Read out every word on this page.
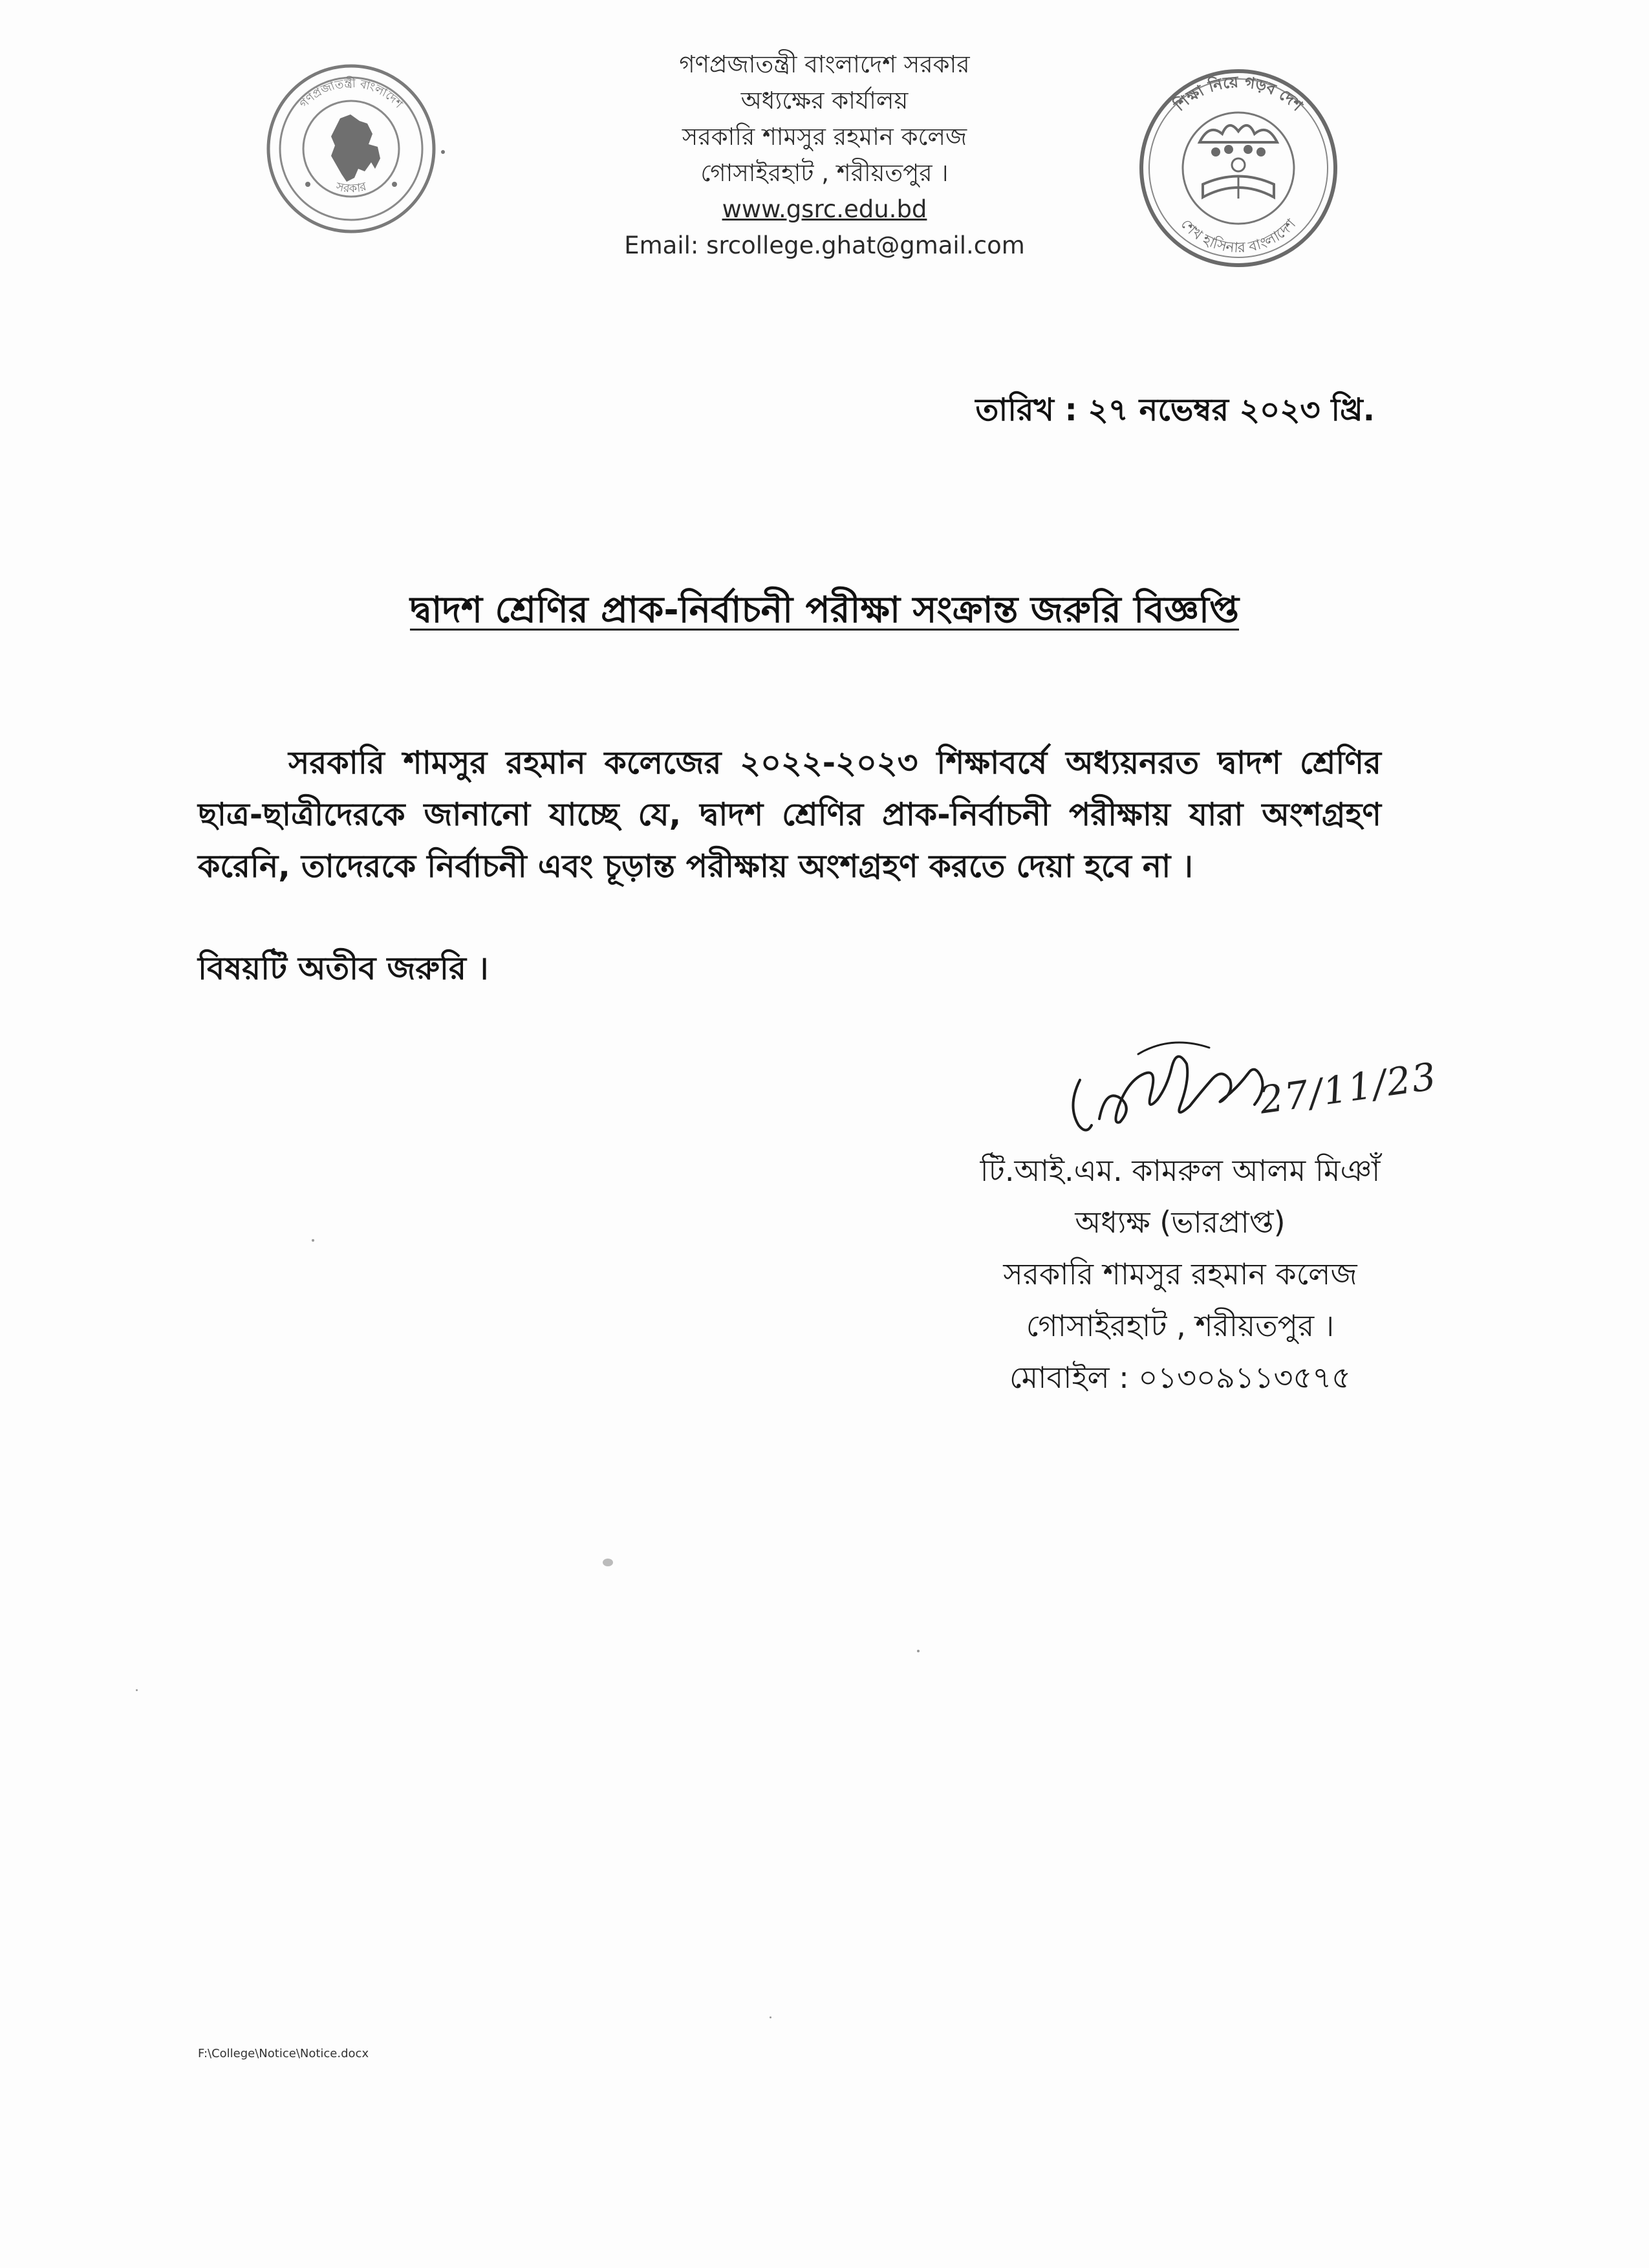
গণপ্রজাতন্ত্রী বাংলাদেশ
সরকার
গণপ্রজাতন্ত্রী বাংলাদেশ সরকার
অধ্যক্ষের কার্যালয়
সরকারি শামসুর রহমান কলেজ
গোসাইরহাট , শরীয়তপুর ।
www.gsrc.edu.bd
Email: srcollege.ghat@gmail.com
শিক্ষা নিয়ে গড়ব দেশ
শেখ হাসিনার বাংলাদেশ
তারিখ : ২৭ নভেম্বর ২০২৩ খ্রি.
দ্বাদশ শ্রেণির প্রাক-নির্বাচনী পরীক্ষা সংক্রান্ত জরুরি বিজ্ঞপ্তি
সরকারি শামসুর রহমান কলেজের ২০২২-২০২৩ শিক্ষাবর্ষে অধ্যয়নরত দ্বাদশ শ্রেণির ছাত্র-ছাত্রীদেরকে জানানো যাচ্ছে যে, দ্বাদশ শ্রেণির প্রাক-নির্বাচনী পরীক্ষায় যারা অংশগ্রহণ করেনি, তাদেরকে নির্বাচনী এবং চূড়ান্ত পরীক্ষায় অংশগ্রহণ করতে দেয়া হবে না ।
বিষয়টি অতীব জরুরি ।
27/11/23
টি.আই.এম. কামরুল আলম মিঞাঁ
অধ্যক্ষ (ভারপ্রাপ্ত)
সরকারি শামসুর রহমান কলেজ
গোসাইরহাট , শরীয়তপুর ।
মোবাইল : ০১৩০৯১১৩৫৭৫
F:\College\Notice\Notice.docx
